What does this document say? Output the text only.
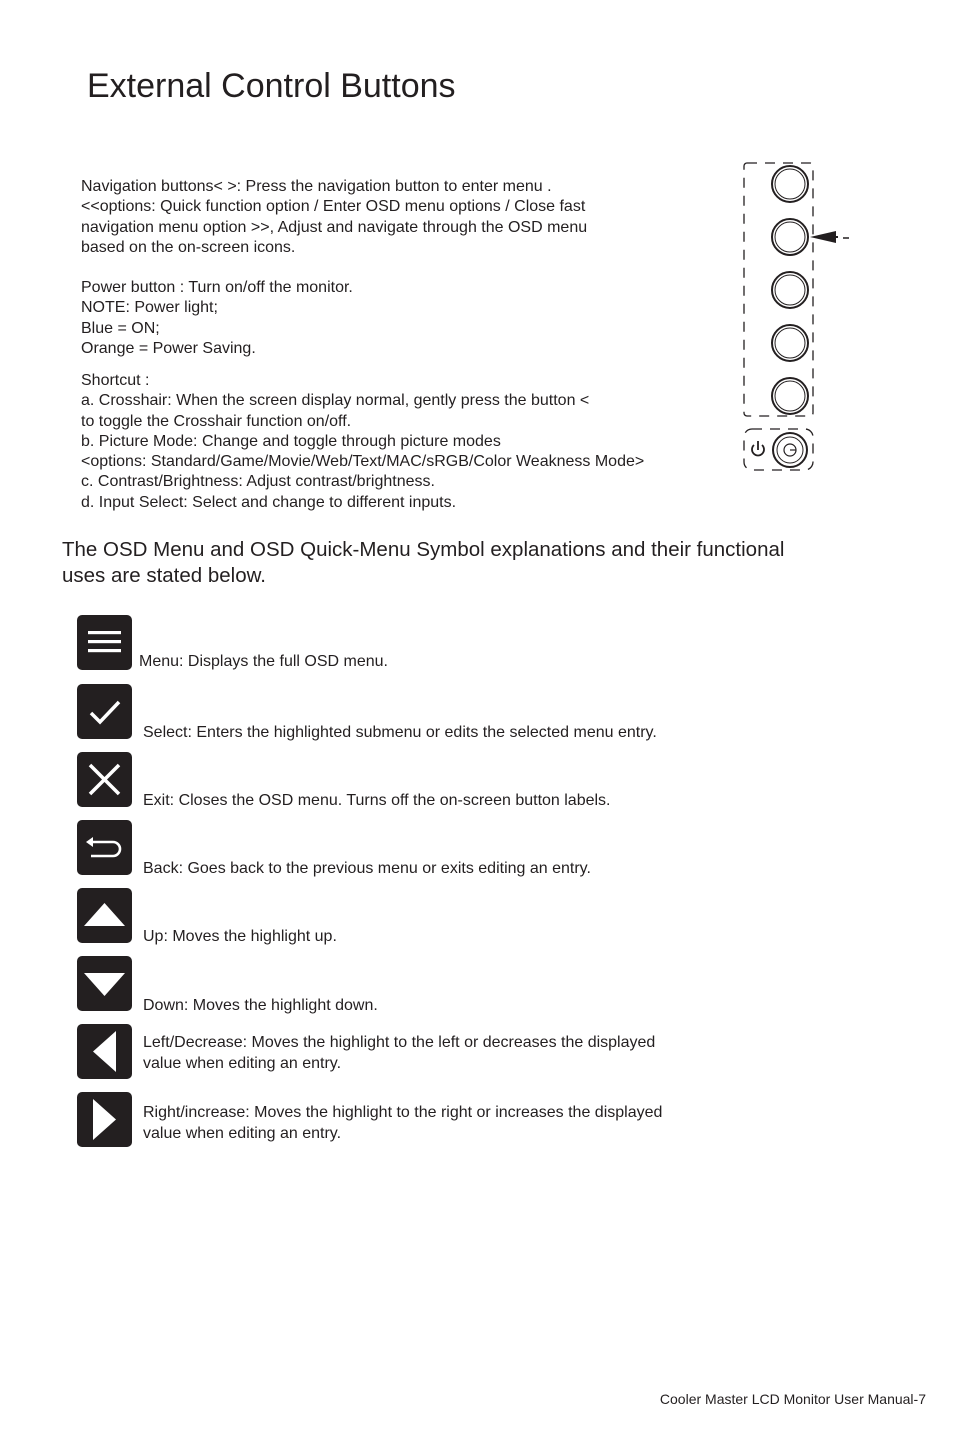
External Control Buttons
Navigation buttons< >: Press the navigation button to enter menu .
<<options: Quick function option / Enter OSD menu options / Close fast
navigation menu option >>, Adjust and navigate through the OSD menu
based on the on-screen icons.
Power button : Turn on/off the monitor.
NOTE: Power light;
Blue = ON;
Orange = Power Saving.
Shortcut :
a. Crosshair: When the screen display normal, gently press the button <
to toggle the Crosshair function on/off.
b. Picture Mode: Change and toggle through picture modes
<options: Standard/Game/Movie/Web/Text/MAC/sRGB/Color Weakness Mode>
c. Contrast/Brightness: Adjust contrast/brightness.
d. Input Select: Select and change to different inputs.
The OSD Menu and OSD Quick-Menu Symbol explanations and their functional
uses are stated below.
Menu: Displays the full OSD menu.
Select: Enters the highlighted submenu or edits the selected menu entry.
Exit: Closes the OSD menu. Turns off the on-screen button labels.
Back: Goes back to the previous menu or exits editing an entry.
Up: Moves the highlight up.
Down: Moves the highlight down.
Left/Decrease: Moves the highlight to the left or decreases the displayed
value when editing an entry.
Right/increase: Moves the highlight to the right or increases the displayed
value when editing an entry.
Cooler Master LCD Monitor User Manual-7
